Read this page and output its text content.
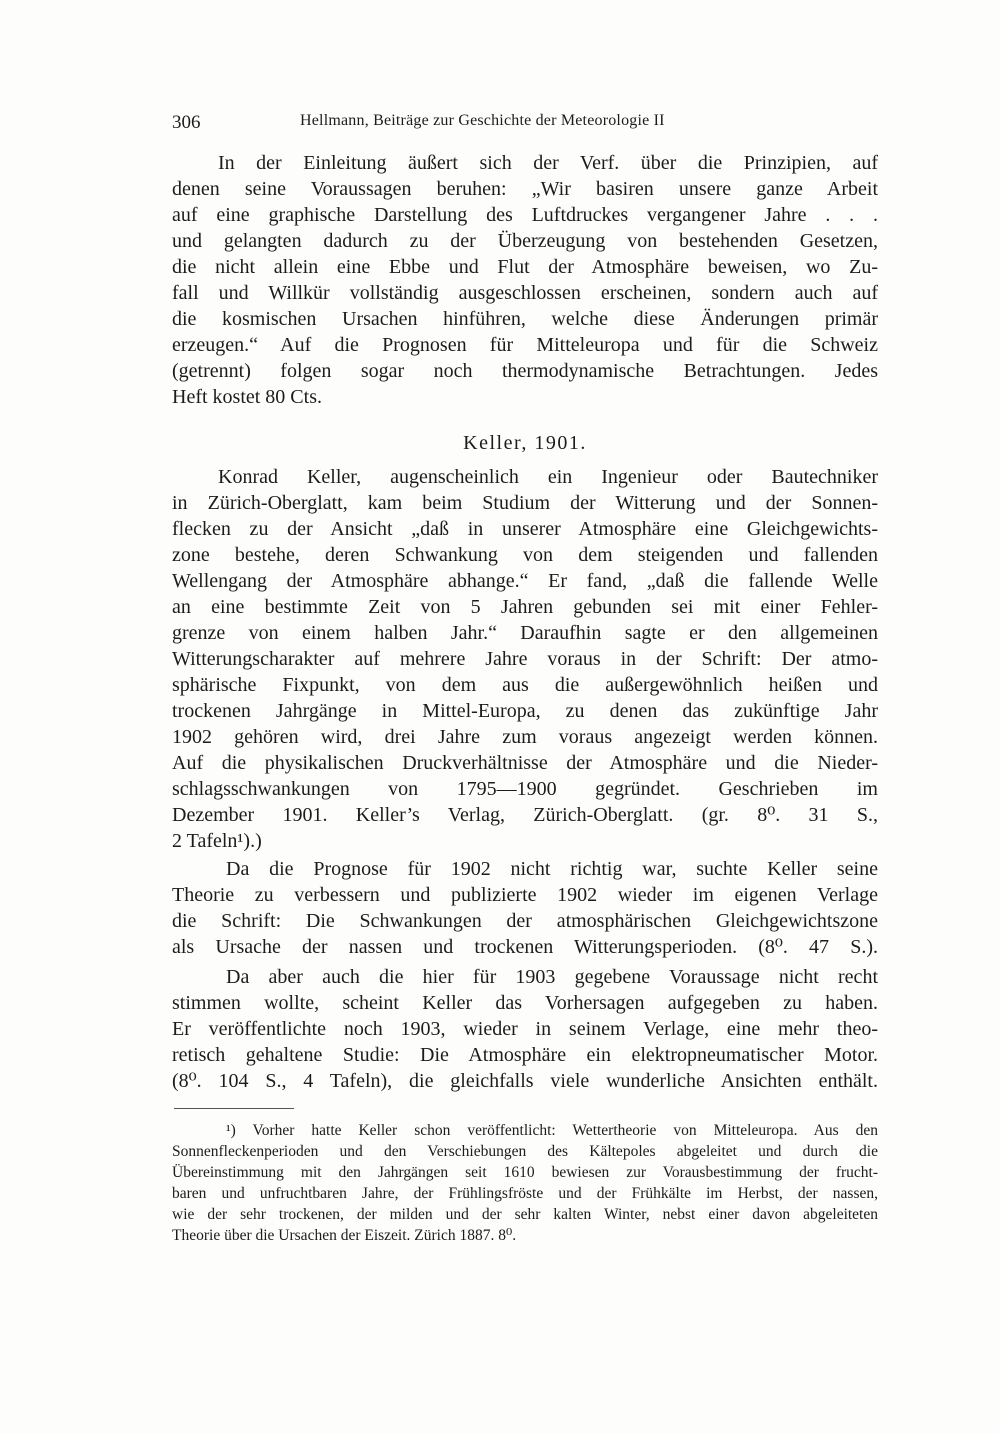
306	Hellmann, Beiträge zur Geschichte der Meteorologie II
In der Einleitung äußert sich der Verf. über die Prinzipien, auf
denen seine Voraussagen beruhen: „Wir basiren unsere ganze Arbeit
auf eine graphische Darstellung des Luftdruckes vergangener Jahre . . .
und gelangten dadurch zu der Überzeugung von bestehenden Gesetzen,
die nicht allein eine Ebbe und Flut der Atmosphäre beweisen, wo Zu-
fall und Willkür vollständig ausgeschlossen erscheinen, sondern auch auf
die kosmischen Ursachen hinführen, welche diese Änderungen primär
erzeugen.“ Auf die Prognosen für Mitteleuropa und für die Schweiz
(getrennt) folgen sogar noch thermodynamische Betrachtungen. Jedes
Heft kostet 80 Cts.
Keller, 1901.
Konrad Keller, augenscheinlich ein Ingenieur oder Bautechniker
in Zürich-Oberglatt, kam beim Studium der Witterung und der Sonnen-
flecken zu der Ansicht „daß in unserer Atmosphäre eine Gleichgewichts-
zone bestehe, deren Schwankung von dem steigenden und fallenden
Wellengang der Atmosphäre abhange.“ Er fand, „daß die fallende Welle
an eine bestimmte Zeit von 5 Jahren gebunden sei mit einer Fehler-
grenze von einem halben Jahr.“ Daraufhin sagte er den allgemeinen
Witterungscharakter auf mehrere Jahre voraus in der Schrift: Der atmo-
sphärische Fixpunkt, von dem aus die außergewöhnlich heißen und
trockenen Jahrgänge in Mittel-Europa, zu denen das zukünftige Jahr
1902 gehören wird, drei Jahre zum voraus angezeigt werden können.
Auf die physikalischen Druckverhältnisse der Atmosphäre und die Nieder-
schlagsschwankungen von 1795—1900 gegründet. Geschrieben im
Dezember 1901. Keller’s Verlag, Zürich-Oberglatt. (gr. 8⁰. 31 S.,
2 Tafeln¹).)
Da die Prognose für 1902 nicht richtig war, suchte Keller seine
Theorie zu verbessern und publizierte 1902 wieder im eigenen Verlage
die Schrift: Die Schwankungen der atmosphärischen Gleichgewichtszone
als Ursache der nassen und trockenen Witterungsperioden. (8⁰. 47 S.).
Da aber auch die hier für 1903 gegebene Voraussage nicht recht
stimmen wollte, scheint Keller das Vorhersagen aufgegeben zu haben.
Er veröffentlichte noch 1903, wieder in seinem Verlage, eine mehr theo-
retisch gehaltene Studie: Die Atmosphäre ein elektropneumatischer Motor.
(8⁰. 104 S., 4 Tafeln), die gleichfalls viele wunderliche Ansichten enthält.
¹) Vorher hatte Keller schon veröffentlicht: Wettertheorie von Mitteleuropa. Aus den
Sonnenfleckenperioden und den Verschiebungen des Kältepoles abgeleitet und durch die
Übereinstimmung mit den Jahrgängen seit 1610 bewiesen zur Vorausbestimmung der frucht-
baren und unfruchtbaren Jahre, der Frühlingsfröste und der Frühkälte im Herbst, der nassen,
wie der sehr trockenen, der milden und der sehr kalten Winter, nebst einer davon abgeleiteten
Theorie über die Ursachen der Eiszeit. Zürich 1887. 8⁰.
